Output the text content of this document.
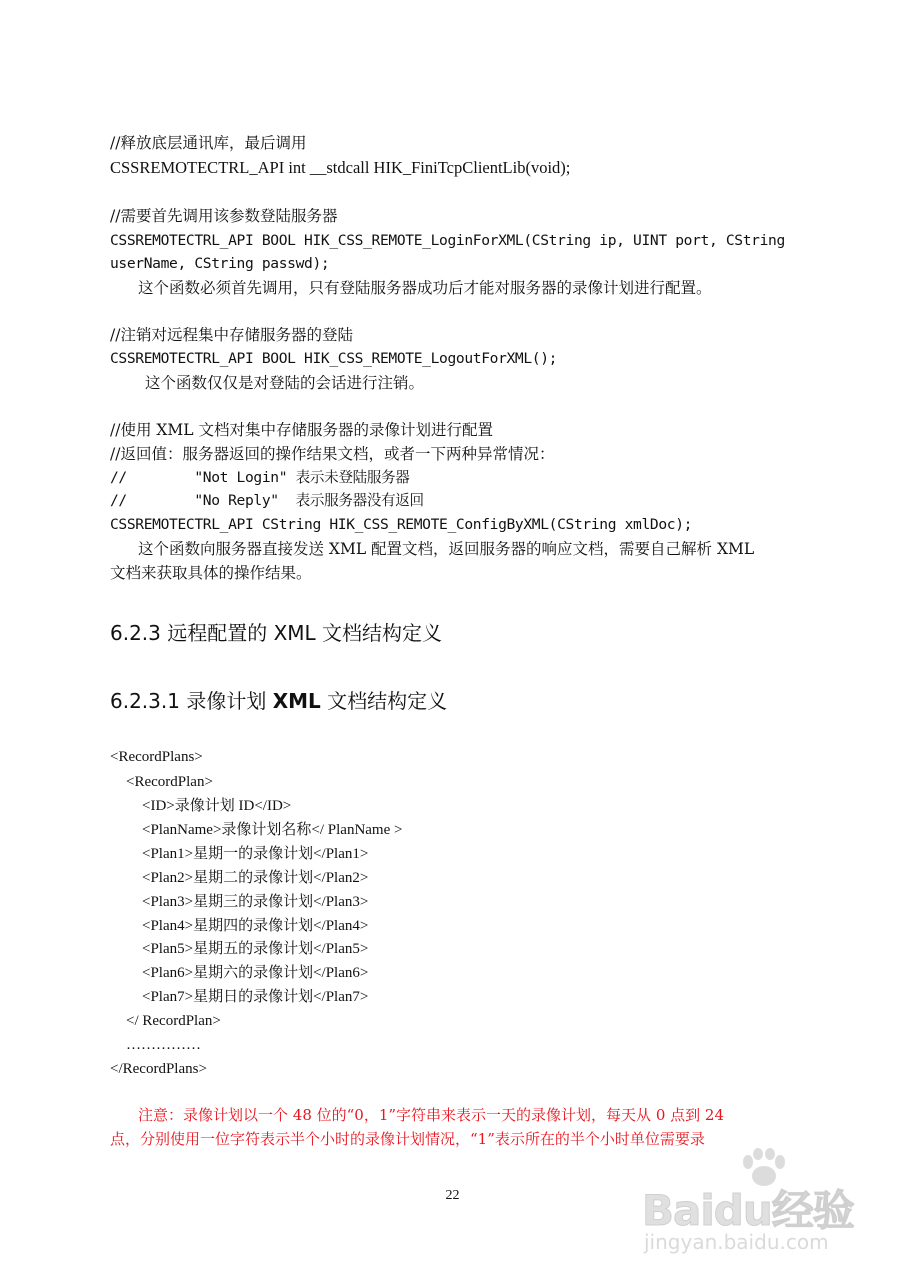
//释放底层通讯库，最后调用
CSSREMOTECTRL_API int __stdcall HIK_FiniTcpClientLib(void);
//需要首先调用该参数登陆服务器
CSSREMOTECTRL_API BOOL HIK_CSS_REMOTE_LoginForXML(CString ip, UINT port, CString
userName, CString passwd);
这个函数必须首先调用，只有登陆服务器成功后才能对服务器的录像计划进行配置。
//注销对远程集中存储服务器的登陆
CSSREMOTECTRL_API BOOL HIK_CSS_REMOTE_LogoutForXML();
这个函数仅仅是对登陆的会话进行注销。
//使用 XML 文档对集中存储服务器的录像计划进行配置
//返回值：服务器返回的操作结果文档，或者一下两种异常情况：
//        "Not Login" 表示未登陆服务器
//        "No Reply"  表示服务器没有返回
CSSREMOTECTRL_API CString HIK_CSS_REMOTE_ConfigByXML(CString xmlDoc);
这个函数向服务器直接发送 XML 配置文档，返回服务器的响应文档，需要自己解析 XML
文档来获取具体的操作结果。
6.2.3 远程配置的 XML 文档结构定义
6.2.3.1 录像计划 XML 文档结构定义
<RecordPlans>
<RecordPlan>
<ID>录像计划 ID</ID>
<PlanName>录像计划名称</ PlanName >
<Plan1>星期一的录像计划</Plan1>
<Plan2>星期二的录像计划</Plan2>
<Plan3>星期三的录像计划</Plan3>
<Plan4>星期四的录像计划</Plan4>
<Plan5>星期五的录像计划</Plan5>
<Plan6>星期六的录像计划</Plan6>
<Plan7>星期日的录像计划</Plan7>
</ RecordPlan>
……………
</RecordPlans>
注意：录像计划以一个 48 位的“0，1”字符串来表示一天的录像计划，每天从 0 点到 24
点，分别使用一位字符表示半个小时的录像计划情况，“1”表示所在的半个小时单位需要录
22	Baidu经验
jingyan.baidu.com
